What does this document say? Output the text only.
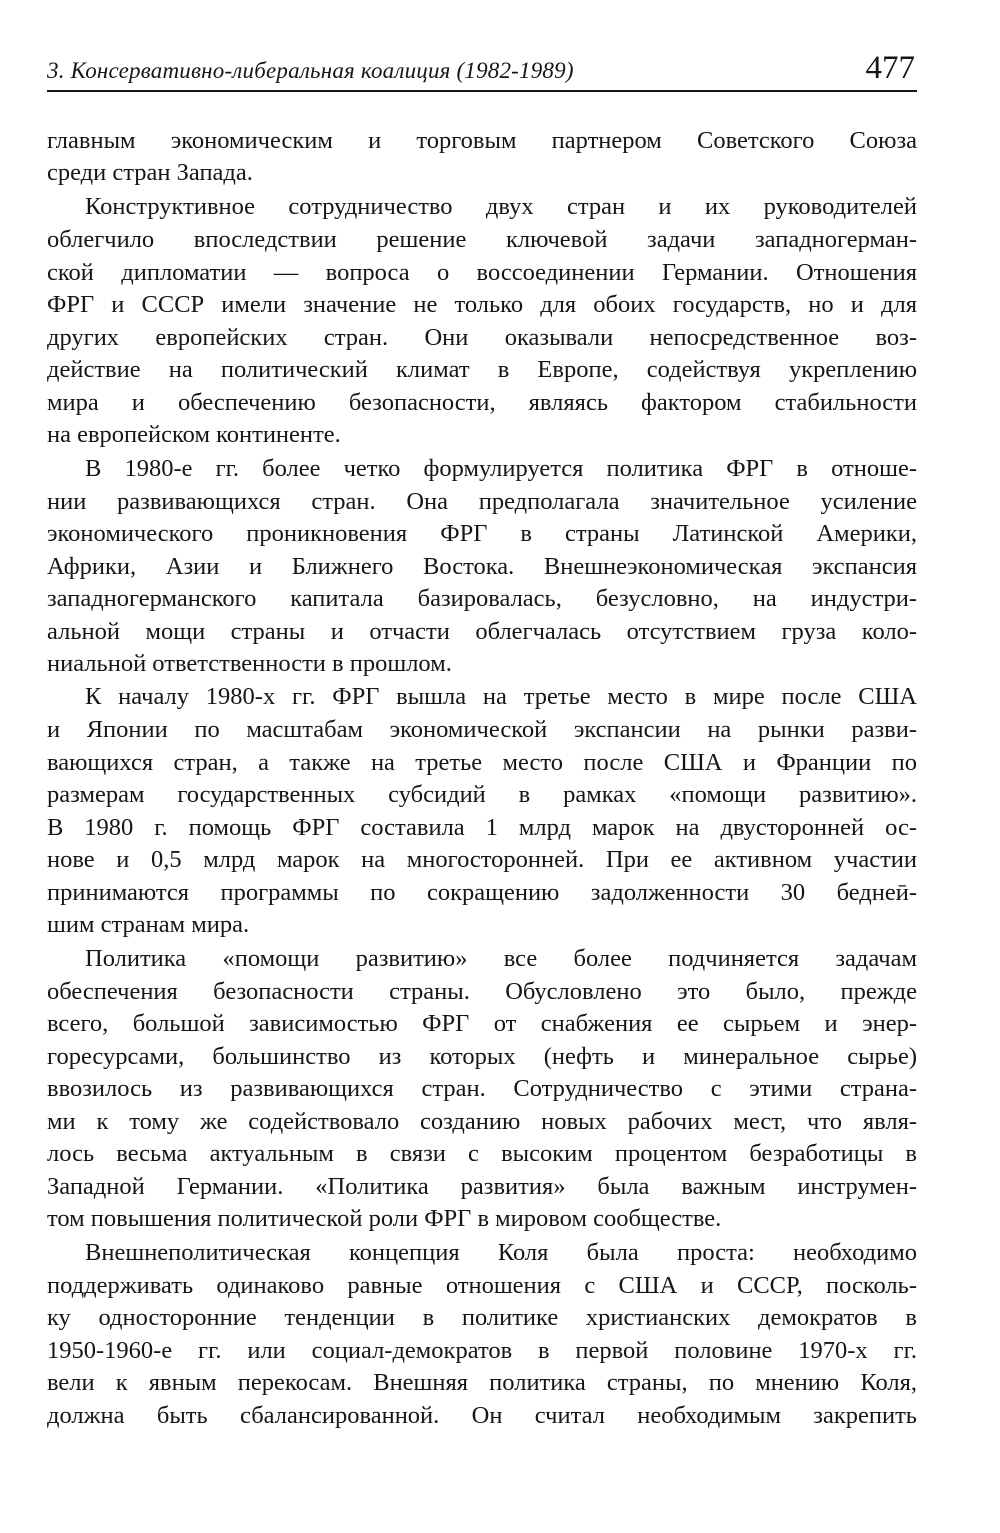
3. Консервативно-либеральная коалиция (1982-1989)	477
главным экономическим и торговым партнером Советского Союза
среди стран Запада.
Конструктивное сотрудничество двух стран и их руководителей
облегчило впоследствии решение ключевой задачи западногерман-
ской дипломатии — вопроса о воссоединении Германии. Отношения
ФРГ и СССР имели значение не только для обоих государств, но и для
других европейских стран. Они оказывали непосредственное воз-
действие на политический климат в Европе, содействуя укреплению
мира и обеспечению безопасности, являясь фактором стабильности
на европейском континенте.
В 1980-е гг. более четко формулируется политика ФРГ в отноше-
нии развивающихся стран. Она предполагала значительное усиление
экономического проникновения ФРГ в страны Латинской Америки,
Африки, Азии и Ближнего Востока. Внешнеэкономическая экспансия
западногерманского капитала базировалась, безусловно, на индустри-
альной мощи страны и отчасти облегчалась отсутствием груза коло-
ниальной ответственности в прошлом.
К началу 1980-х гг. ФРГ вышла на третье место в мире после США
и Японии по масштабам экономической экспансии на рынки разви-
вающихся стран, а также на третье место после США и Франции по
размерам государственных субсидий в рамках «помощи развитию».
В 1980 г. помощь ФРГ составила 1 млрд марок на двусторонней ос-
нове и 0,5 млрд марок на многосторонней. При ее активном участии
принимаются программы по сокращению задолженности 30 беднеӣ-
шим странам мира.
Политика «помощи развитию» все более подчиняется задачам
обеспечения безопасности страны. Обусловлено это было, прежде
всего, большой зависимостью ФРГ от снабжения ее сырьем и энер-
горесурсами, большинство из которых (нефть и минеральное сырье)
ввозилось из развивающихся стран. Сотрудничество с этими страна-
ми к тому же содействовало созданию новых рабочих мест, что явля-
лось весьма актуальным в связи с высоким процентом безработицы в
Западной Германии. «Политика развития» была важным инструмен-
том повышения политической роли ФРГ в мировом сообществе.
Внешнеполитическая концепция Коля была проста: необходимо
поддерживать одинаково равные отношения с США и СССР, посколь-
ку односторонние тенденции в политике христианских демократов в
1950-1960-е гг. или социал-демократов в первой половине 1970-х гг.
вели к явным перекосам. Внешняя политика страны, по мнению Коля,
должна быть сбалансированной. Он считал необходимым закрепить
